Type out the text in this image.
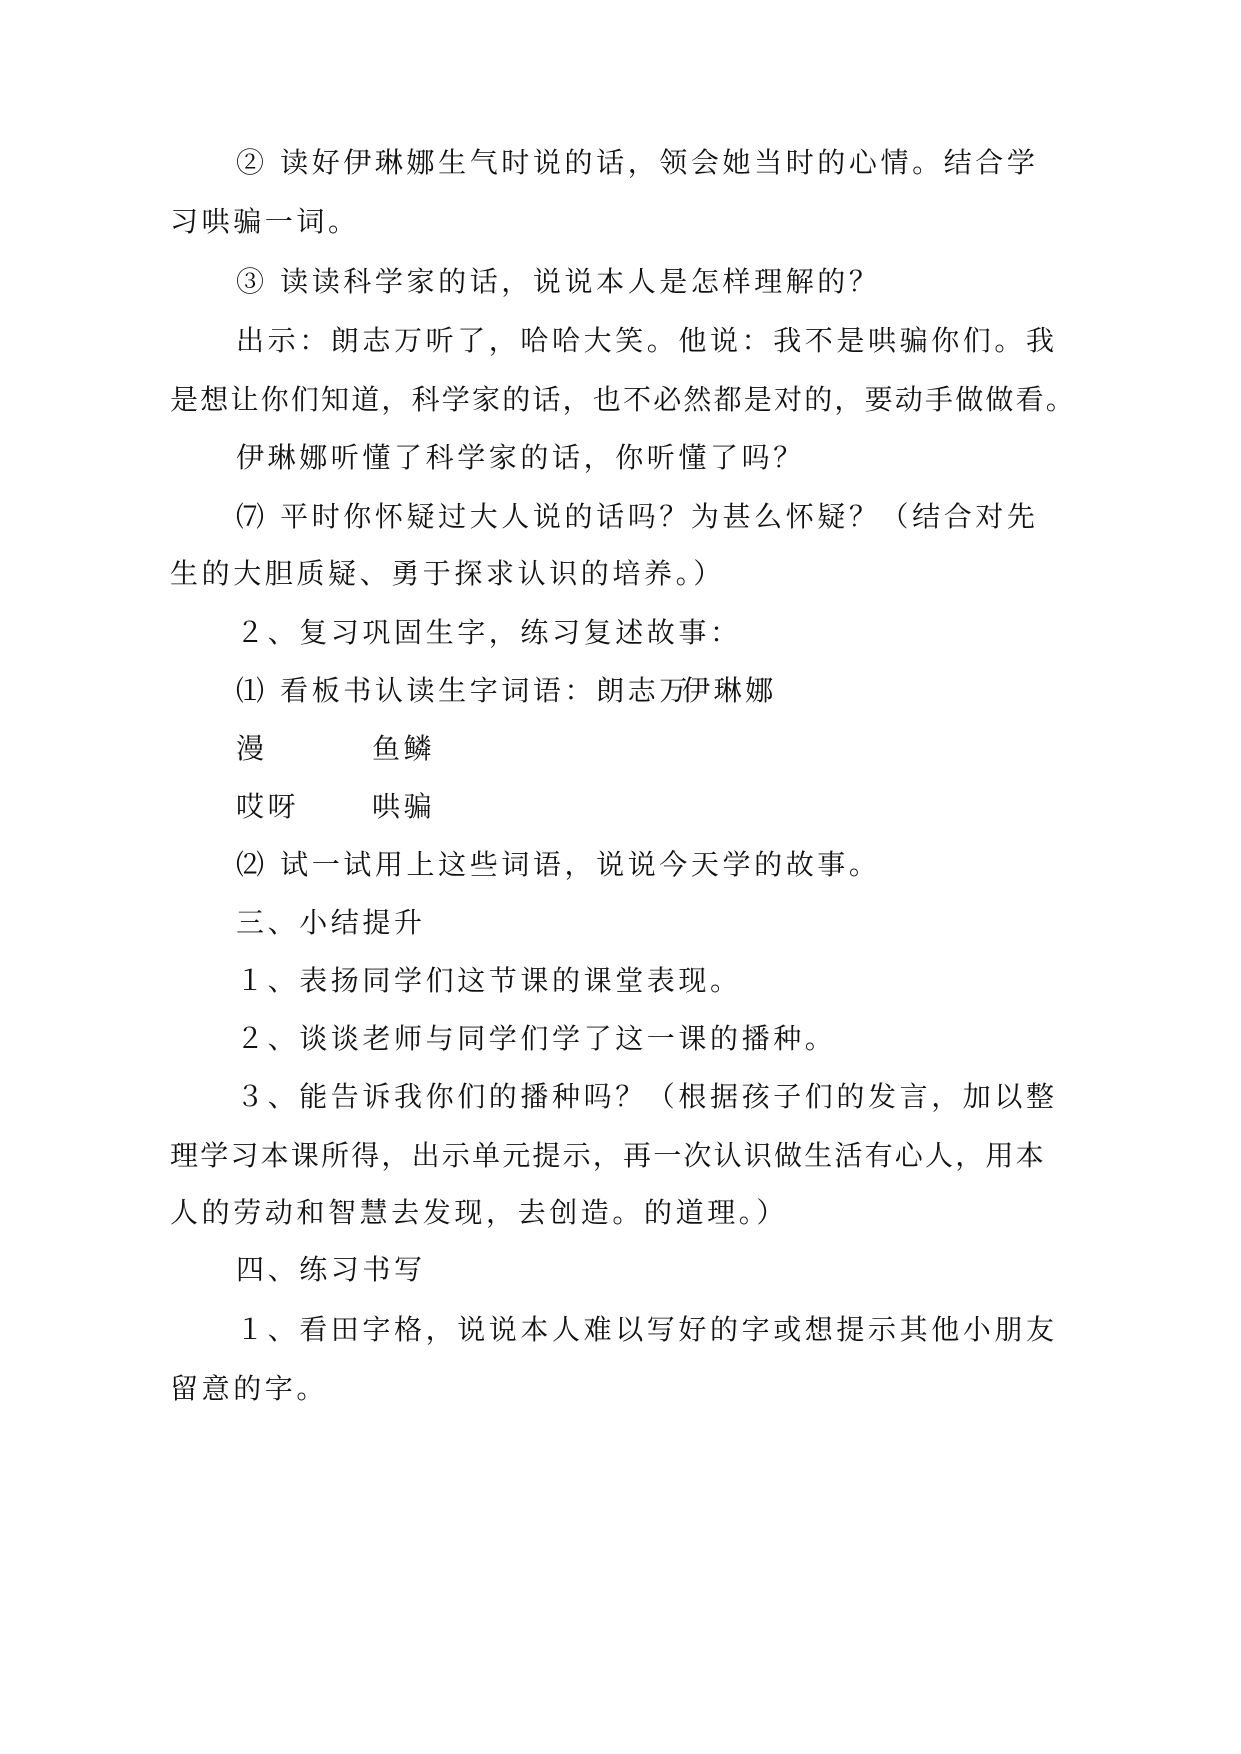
② 读好伊琳娜生气时说的话，领会她当时的心情。结合学
习哄骗一词。
③ 读读科学家的话，说说本人是怎样理解的？
出示：朗志万听了，哈哈大笑。他说：我不是哄骗你们。我
是想让你们知道，科学家的话，也不必然都是对的，要动手做做看。
伊琳娜听懂了科学家的话，你听懂了吗？
⑺ 平时你怀疑过大人说的话吗？为甚么怀疑？（结合对先
生的大胆质疑、勇于探求认识的培养。）
２、复习巩固生字，练习复述故事：
⑴ 看板书认读生字词语：朗志万
伊琳娜
漫	鱼鳞
哎呀	哄骗
⑵ 试一试用上这些词语，说说今天学的故事。
三、小结提升
１、表扬同学们这节课的课堂表现。
２、谈谈老师与同学们学了这一课的播种。
３、能告诉我你们的播种吗？（根据孩子们的发言，加以整
理学习本课所得，出示单元提示，再一次认识做生活有心人，用本
人的劳动和智慧去发现，去创造。的道理。）
四、练习书写
１、看田字格，说说本人难以写好的字或想提示其他小朋友
留意的字。
